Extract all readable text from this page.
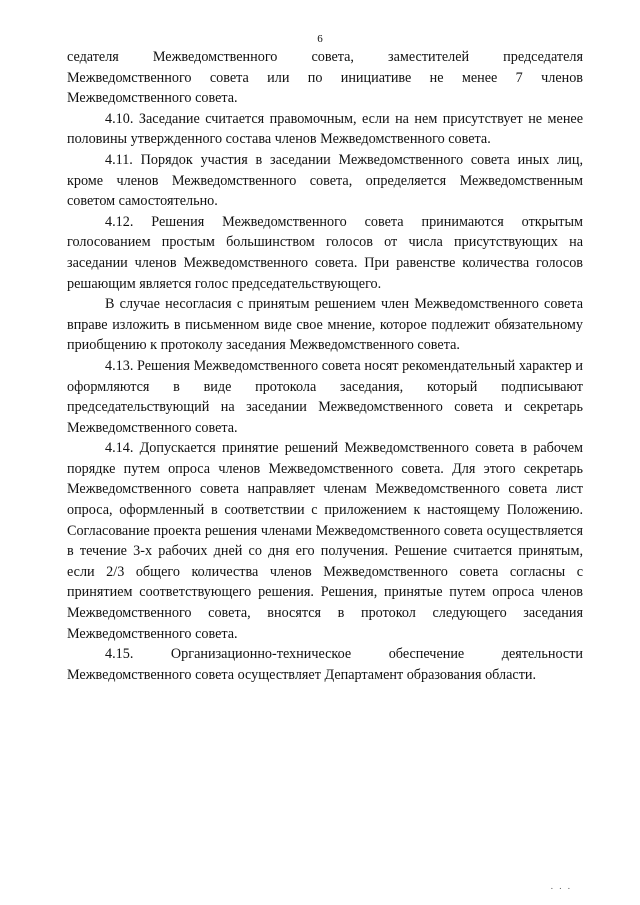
6

седателя Межведомственного совета, заместителей председателя Межведомственного совета или по инициативе не менее 7 членов Межведомственного совета.

4.10. Заседание считается правомочным, если на нем присутствует не менее половины утвержденного состава членов Межведомственного совета.

4.11. Порядок участия в заседании Межведомственного совета иных лиц, кроме членов Межведомственного совета, определяется Межведомственным советом самостоятельно.

4.12. Решения Межведомственного совета принимаются открытым голосованием простым большинством голосов от числа присутствующих на заседании членов Межведомственного совета. При равенстве количества голосов решающим является голос председательствующего.

В случае несогласия с принятым решением член Межведомственного совета вправе изложить в письменном виде свое мнение, которое подлежит обязательному приобщению к протоколу заседания Межведомственного совета.

4.13. Решения Межведомственного совета носят рекомендательный характер и оформляются в виде протокола заседания, который подписывают председательствующий на заседании Межведомственного совета и секретарь Межведомственного совета.

4.14. Допускается принятие решений Межведомственного совета в рабочем порядке путем опроса членов Межведомственного совета. Для этого секретарь Межведомственного совета направляет членам Межведомственного совета лист опроса, оформленный в соответствии с приложением к настоящему Положению. Согласование проекта решения членами Межведомственного совета осуществляется в течение 3-х рабочих дней со дня его получения. Решение считается принятым, если 2/3 общего количества членов Межведомственного совета согласны с принятием соответствующего решения. Решения, принятые путем опроса членов Межведомственного совета, вносятся в протокол следующего заседания Межведомственного совета.

4.15. Организационно-техническое обеспечение деятельности Межведомственного совета осуществляет Департамент образования области.

. . .
